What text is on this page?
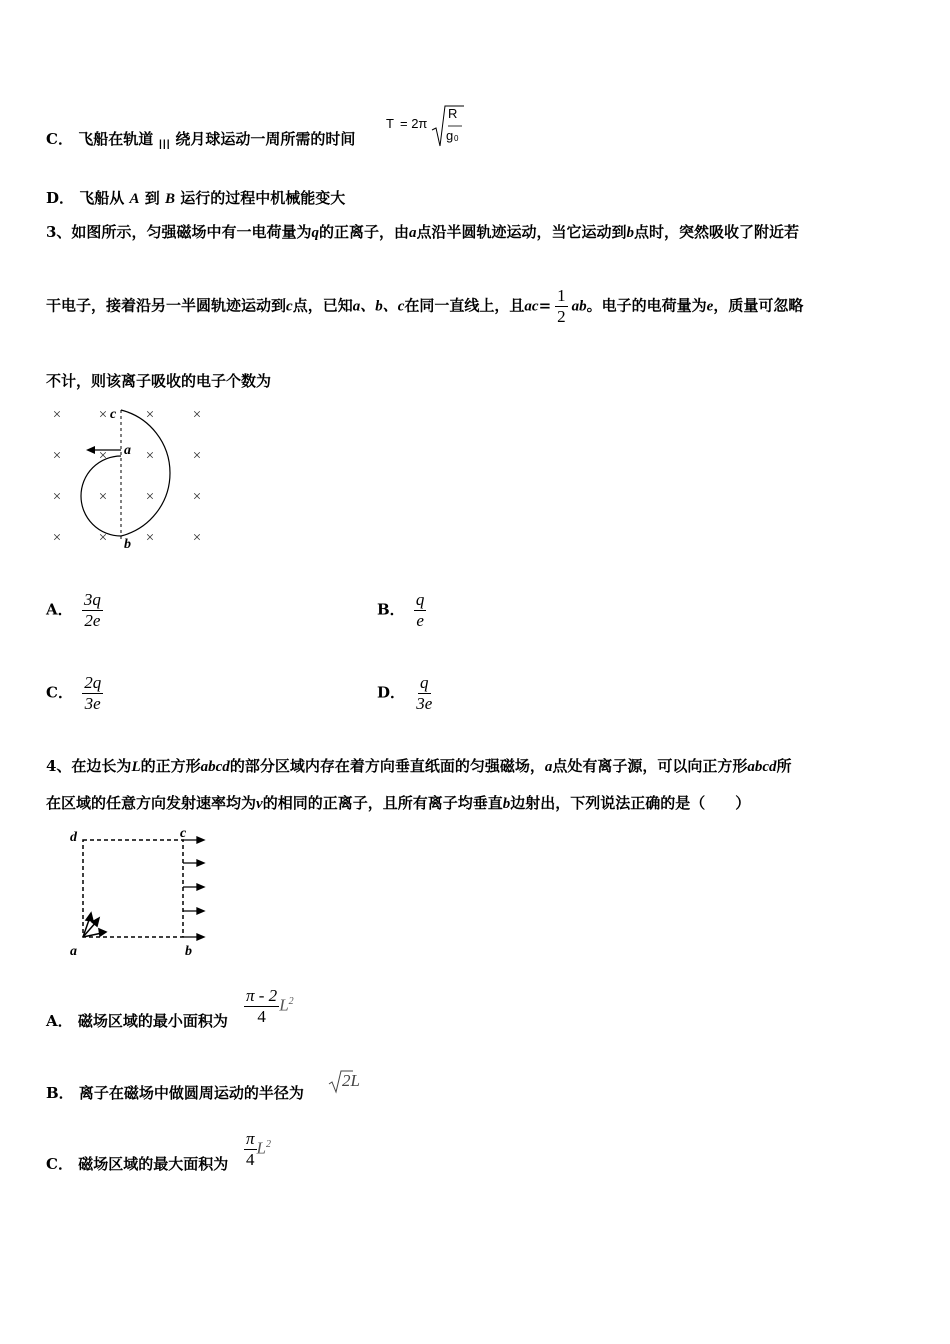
C． 飞船在轨道 III 绕月球运动一周所需的时间
T = 2π
R
g 0
D． 飞船从 A 到 B 运行的过程中机械能变大
3、如图所示，匀强磁场中有一电荷量为q的正离子，由a点沿半圆轨迹运动，当它运动到b点时，突然吸收了附近若
干电子，接着沿另一半圆轨迹运动到c点，已知a、b、c在同一直线上，且$ac= \frac{1}{2}$ ab。电子的电荷量为e，质量可忽略
不计，则该离子吸收的电子个数为
×	×	×	×
×	×	×	×
×	×	×	×
×	×	×	×
c
a
b
A． $\frac{3q}{2e}$	B． $\frac{q}{e}$
C． $\frac{2q}{3e}$	D． $\frac{q}{3e}$
4、在边长为L的正方形abcd的部分区域内存在着方向垂直纸面的匀强磁场，a点处有离子源，可以向正方形abcd所
在区域的任意方向发射速率均为v的相同的正离子，且所有离子均垂直b边射出，下列说法正确的是（　　）
d	c
a	b
A． 磁场区域的最小面积为 $\frac{\pi - 2}{4} L^2$
B． 离子在磁场中做圆周运动的半径为
2L
C． 磁场区域的最大面积为 $\frac{\pi}{4} L^2$
